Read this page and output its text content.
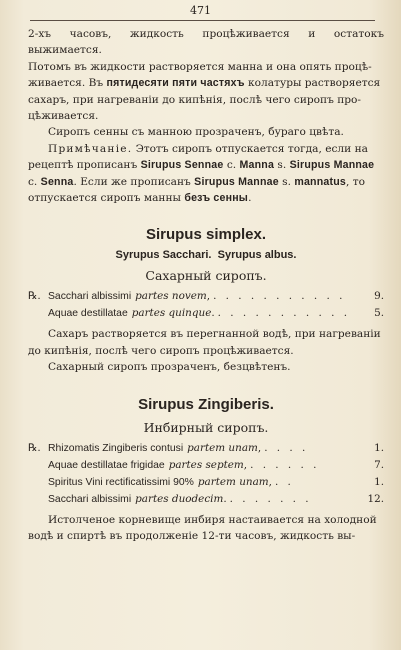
471
2-хъ часовъ, жидкость процѣживается и остатокъ выжимается.
Потомъ въ жидкости растворяется манна и она опять процѣ-
живается. Въ пятидесяти пяти частяхъ колатуры растворяется
сахаръ, при нагреваніи до кипѣнія, послѣ чего сиропъ про-
цѣживается.
Сиропъ сенны съ манною прозраченъ, бураго цвѣта.
Примѣчаніе. Этотъ сиропъ отпускается тогда, если на
рецептѣ прописанъ Sirupus Sennae с. Manna s. Sirupus Mannae
с. Senna. Если же прописанъ Sirupus Mannae s. mannatus, то
отпускается сиропъ манны безъ сенны.
Sirupus simplex.
Syrupus Sacchari. Syrupus albus.
Сахарный сиропъ.
℞. Sacchari albissimi partes novem , . . . . . . . . . . .	9.
Aquae destillatae partes quinque . . . . . . . . . . . .	5.
Сахаръ растворяется въ перегнанной водѣ, при нагреваніи
до кипѣнія, послѣ чего сиропъ процѣживается.
Сахарный сиропъ прозраченъ, безцвѣтенъ.
Sirupus Zingiberis.
Инбирный сиропъ.
℞. Rhizomatis Zingiberis contusi partem unam , . . . .	1.
Aquae destillatae frigidae partes septem , . . . . . .	7.
Spiritus Vini rectificatissimi 90% partem unam , . .	1.
Sacchari albissimi partes duodecim . . . . . . . .	12.
Истолченое корневище инбиря настаивается на холодной
водѣ и спиртѣ въ продолженіе 12-ти часовъ, жидкость вы-
